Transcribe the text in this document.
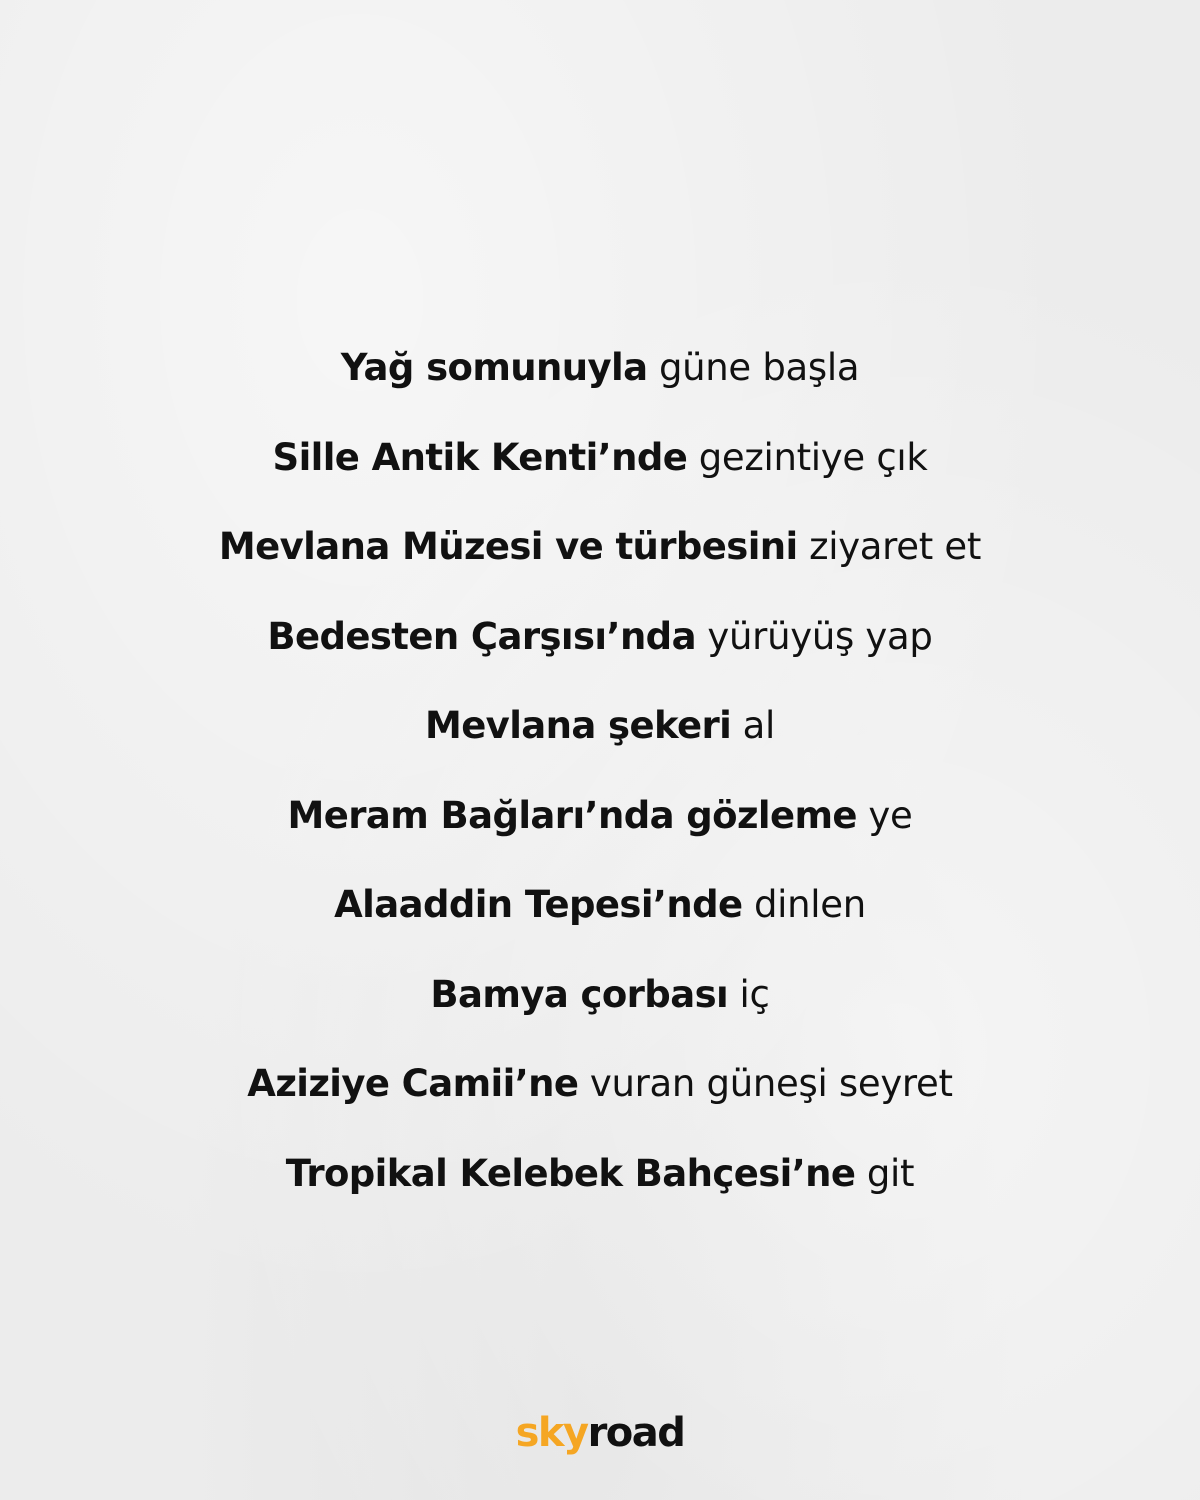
Yağ somunuyla güne başla
Sille Antik Kenti’nde gezintiye çık
Mevlana Müzesi ve türbesini ziyaret et
Bedesten Çarşısı’nda yürüyüş yap
Mevlana şekeri al
Meram Bağları’nda gözleme ye
Alaaddin Tepesi’nde dinlen
Bamya çorbası iç
Aziziye Camii’ne vuran güneşi seyret
Tropikal Kelebek Bahçesi’ne git
skyroad
